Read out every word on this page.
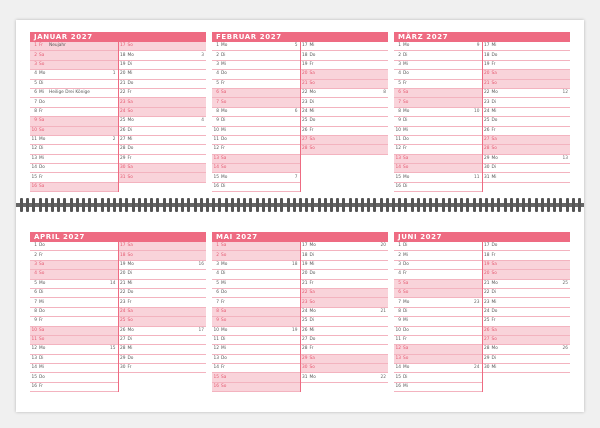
JANUAR 2027
1 Fr	Neujahr
2 Sa
3 So
4 Mo	1
5 Di
6 Mi	Heilige Drei Könige
7 Do
8 Fr
9 Sa
10 So
11 Mo	2
12 Di
13 Mi
14 Do
15 Fr
16 Sa
17 So
18 Mo	3
19 Di
20 Mi
21 Do
22 Fr
23 Sa
24 So
25 Mo	4
26 Di
27 Mi
28 Do
29 Fr
30 Sa
31 So
FEBRUAR 2027
1 Mo	5
2 Di
3 Mi
4 Do
5 Fr
6 Sa
7 So
8 Mo	6
9 Di
10 Mi
11 Do
12 Fr
13 Sa
14 So
15 Mo	7
16 Di
17 Mi
18 Do
19 Fr
20 Sa
21 So
22 Mo	8
23 Di
24 Mi
25 Do
26 Fr
27 Sa
28 So
MÄRZ 2027
1 Mo	9
2 Di
3 Mi
4 Do
5 Fr
6 Sa
7 So
8 Mo	10
9 Di
10 Mi
11 Do
12 Fr
13 Sa
14 So
15 Mo	11
16 Di
17 Mi
18 Do
19 Fr
20 Sa
21 So
22 Mo	12
23 Di
24 Mi
25 Do
26 Fr
27 Sa
28 So
29 Mo	13
30 Di
31 Mi
APRIL 2027
1 Do
2 Fr
3 Sa
4 So
5 Mo	14
6 Di
7 Mi
8 Do
9 Fr
10 Sa
11 So
12 Mo	15
13 Di
14 Mi
15 Do
16 Fr
17 Sa
18 So
19 Mo	16
20 Di
21 Mi
22 Do
23 Fr
24 Sa
25 So
26 Mo	17
27 Di
28 Mi
29 Do
30 Fr
MAI 2027
1 Sa
2 So
3 Mo	18
4 Di
5 Mi
6 Do
7 Fr
8 Sa
9 So
10 Mo	19
11 Di
12 Mi
13 Do
14 Fr
15 Sa
16 So
17 Mo	20
18 Di
19 Mi
20 Do
21 Fr
22 Sa
23 So
24 Mo	21
25 Di
26 Mi
27 Do
28 Fr
29 Sa
30 So
31 Mo	22
JUNI 2027
1 Di
2 Mi
3 Do
4 Fr
5 Sa
6 So
7 Mo	23
8 Di
9 Mi
10 Do
11 Fr
12 Sa
13 So
14 Mo	24
15 Di
16 Mi
17 Do
18 Fr
19 Sa
20 So
21 Mo	25
22 Di
23 Mi
24 Do
25 Fr
26 Sa
27 So
28 Mo	26
29 Di
30 Mi
